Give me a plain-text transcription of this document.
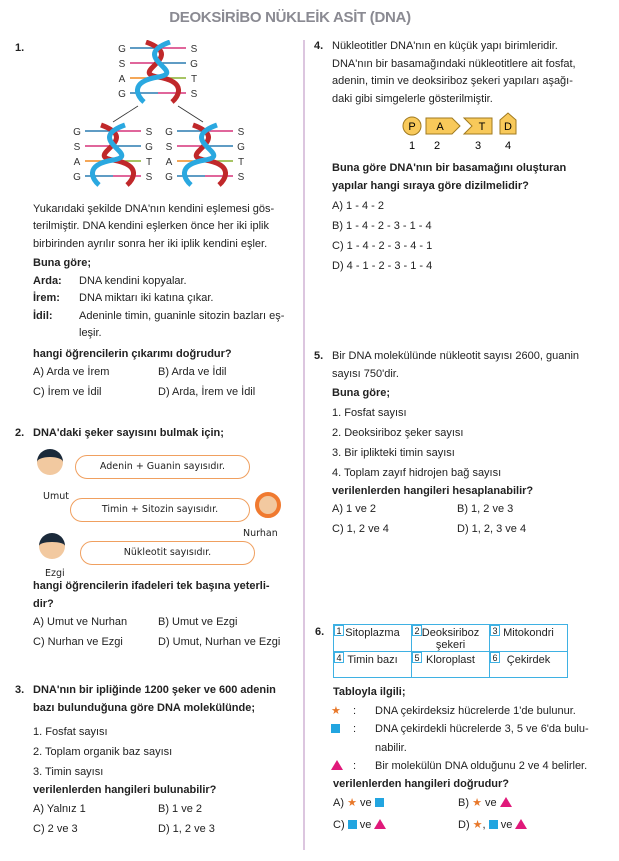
DEOKSİRİBO NÜKLEİK ASİT (DNA)
1.	G	S
S	G
A	T
G	S
G	S
S	G
A	T
G	S
G	S
S	G
A	T
G	S
Yukarıdaki şekilde DNA'nın kendini eşlemesi gös-
terilmiştir. DNA kendini eşlerken önce her iki iplik
birbirinden ayrılır sonra her iki iplik kendini eşler.
Buna göre;
Arda: DNA kendini kopyalar.
İrem: DNA miktarı iki katına çıkar.
İdil: Adeninle timin, guaninle sitozin bazları eş-
leşir.
hangi öğrencilerin çıkarımı doğrudur?
A) Arda ve İrem	B) Arda ve İdil
C) İrem ve İdil	D) Arda, İrem ve İdil
2. DNA'daki şeker sayısını bulmak için;
Umut
Adenin + Guanin sayısıdır.
Nurhan
Timin + Sitozin sayısıdır.
Ezgi
Nükleotit sayısıdır.
hangi öğrencilerin ifadeleri tek başına yeterli-
dir?
A) Umut ve Nurhan	B) Umut ve Ezgi
C) Nurhan ve Ezgi	D) Umut, Nurhan ve Ezgi
3. DNA'nın bir ipliğinde 1200 şeker ve 600 adenin
bazı bulunduğuna göre DNA molekülünde;
1. Fosfat sayısı
2. Toplam organik baz sayısı
3. Timin sayısı
verilenlerden hangileri bulunabilir?
A) Yalnız 1	B) 1 ve 2
C) 2 ve 3	D) 1, 2 ve 3
4. Nükleotitler DNA'nın en küçük yapı birimleridir.
DNA'nın bir basamağındaki nükleotitlere ait fosfat,
adenin, timin ve deoksiriboz şekeri yapıları aşağı-
daki gibi simgelerle gösterilmiştir.
P A	T D
1 2	3 4
Buna göre DNA'nın bir basamağını oluşturan
yapılar hangi sıraya göre dizilmelidir?
A) 1 - 4 - 2
B) 1 - 4 - 2 - 3 - 1 - 4
C) 1 - 4 - 2 - 3 - 4 - 1
D) 4 - 1 - 2 - 3 - 1 - 4
5. Bir DNA molekülünde nükleotit sayısı 2600, guanin
sayısı 750'dir.
Buna göre;
1. Fosfat sayısı
2. Deoksiriboz şeker sayısı
3. Bir iplikteki timin sayısı
4. Toplam zayıf hidrojen bağ sayısı
verilenlerden hangileri hesaplanabilir?
A) 1 ve 2	B) 1, 2 ve 3
C) 1, 2 ve 4	D) 1, 2, 3 ve 4
6. 1 Sitoplazma	2 Deoksiriboz şekeri	3 Mitokondri

4 Timin bazı	5 Kloroplast	6 Çekirdek
Tabloyla ilgili;
★ : DNA çekirdeksiz hücrelerde 1'de bulunur.
: DNA çekirdekli hücrelerde 3, 5 ve 6'da bulu-
nabilir.
: Bir molekülün DNA olduğunu 2 ve 4 belirler.
verilenlerden hangileri doğrudur?
A) ★ ve	B) ★ ve
C) ve	D) ★, ve
